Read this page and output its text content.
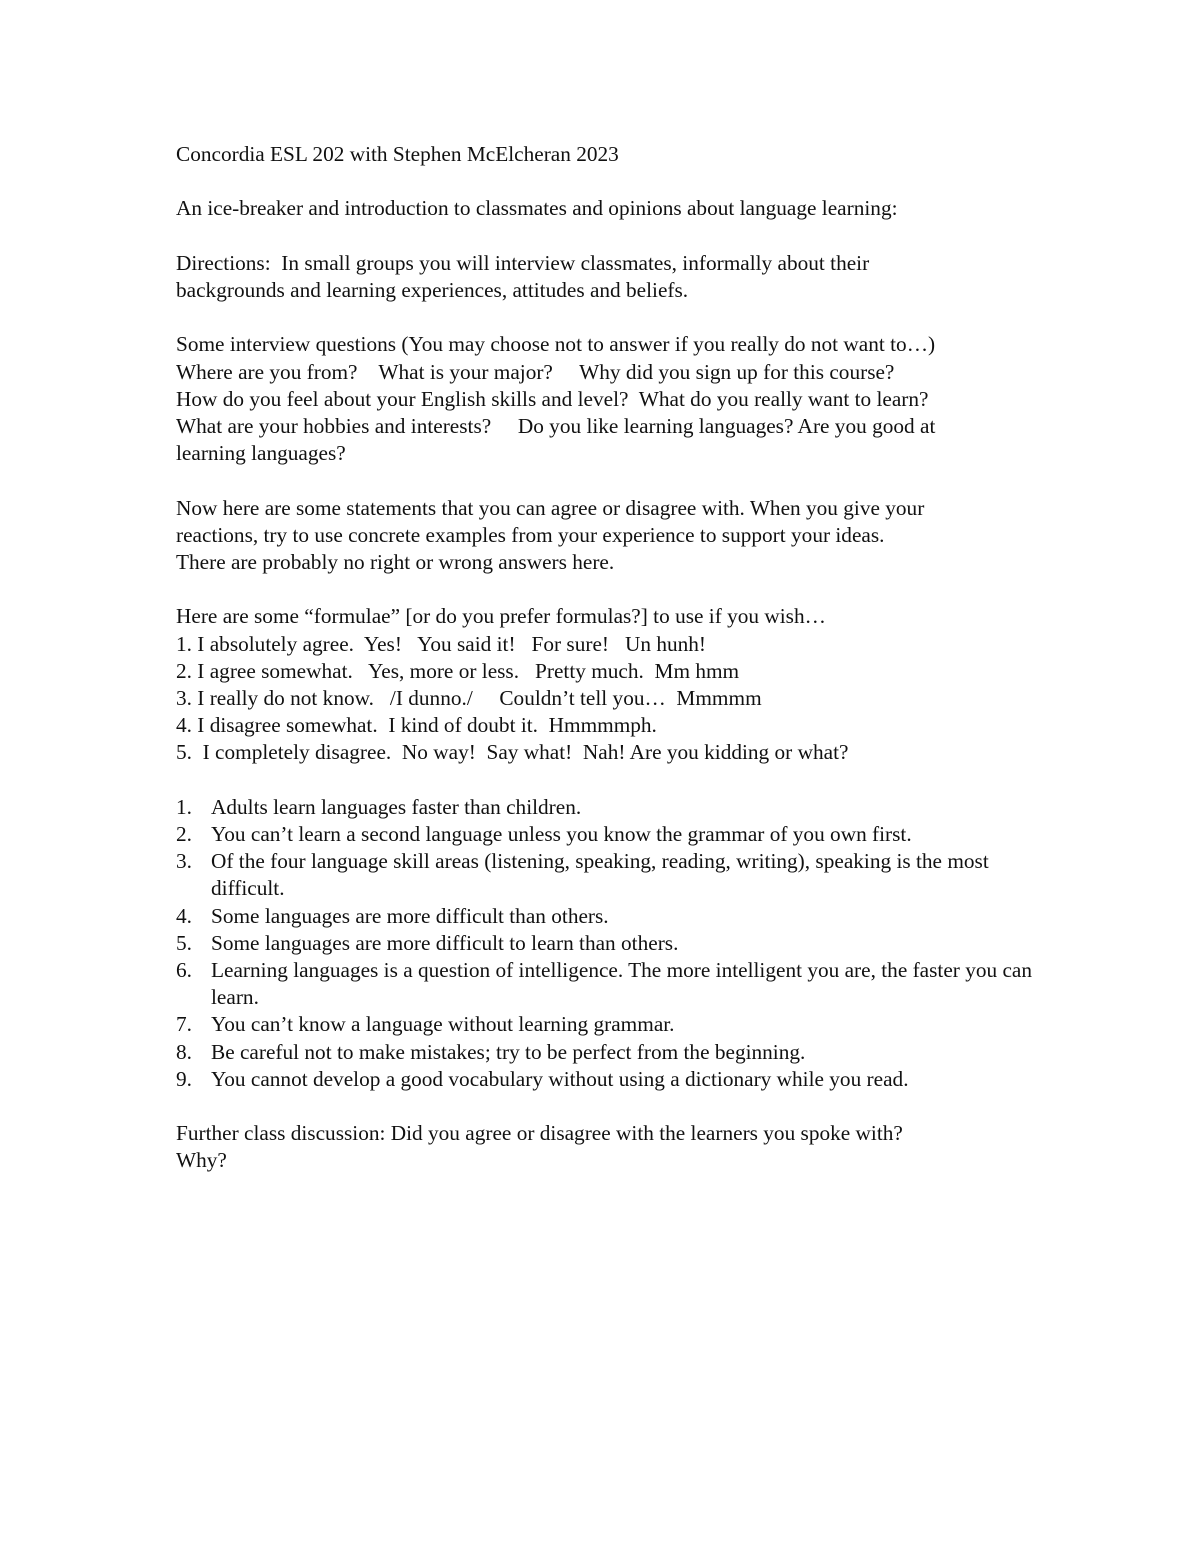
Concordia ESL 202 with Stephen McElcheran 2023

An ice-breaker and introduction to classmates and opinions about language learning:

Directions:  In small groups you will interview classmates, informally about their
backgrounds and learning experiences, attitudes and beliefs.

Some interview questions (You may choose not to answer if you really do not want to…)
Where are you from?    What is your major?     Why did you sign up for this course?
How do you feel about your English skills and level?  What do you really want to learn?
What are your hobbies and interests?     Do you like learning languages? Are you good at
learning languages?

Now here are some statements that you can agree or disagree with. When you give your
reactions, try to use concrete examples from your experience to support your ideas.
There are probably no right or wrong answers here.

Here are some “formulae” [or do you prefer formulas?] to use if you wish…
1. I absolutely agree.  Yes!   You said it!   For sure!   Un hunh!
2. I agree somewhat.   Yes, more or less.   Pretty much.  Mm hmm
3. I really do not know.   /I dunno./     Couldn’t tell you…  Mmmmm
4. I disagree somewhat.  I kind of doubt it.  Hmmmmph.
5.  I completely disagree.  No way!  Say what!  Nah! Are you kidding or what?

1. Adults learn languages faster than children.
2. You can’t learn a second language unless you know the grammar of you own first.
3. Of the four language skill areas (listening, speaking, reading, writing), speaking is the most difficult.
4. Some languages are more difficult than others.
5. Some languages are more difficult to learn than others.
6. Learning languages is a question of intelligence. The more intelligent you are, the faster you can learn.
7. You can’t know a language without learning grammar.
8. Be careful not to make mistakes; try to be perfect from the beginning.
9. You cannot develop a good vocabulary without using a dictionary while you read.

Further class discussion: Did you agree or disagree with the learners you spoke with?
Why?
